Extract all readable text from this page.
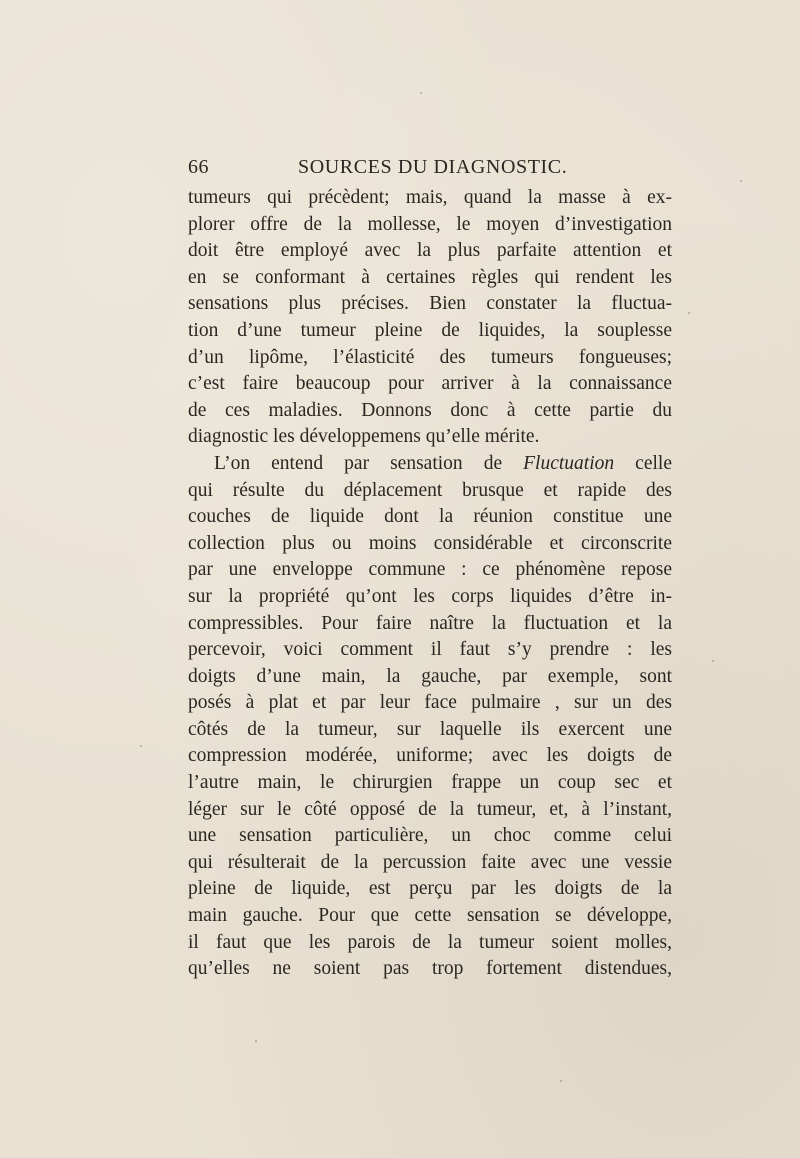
66	SOURCES DU DIAGNOSTIC.
tumeurs qui précèdent; mais, quand la masse à ex-
plorer offre de la mollesse, le moyen d’investigation
doit être employé avec la plus parfaite attention et
en se conformant à certaines règles qui rendent les
sensations plus précises. Bien constater la fluctua-
tion d’une tumeur pleine de liquides, la souplesse
d’un lipôme, l’élasticité des tumeurs fongueuses;
c’est faire beaucoup pour arriver à la connaissance
de ces maladies. Donnons donc à cette partie du
diagnostic les développemens qu’elle mérite.
L’on entend par sensation de Fluctuation celle
qui résulte du déplacement brusque et rapide des
couches de liquide dont la réunion constitue une
collection plus ou moins considérable et circonscrite
par une enveloppe commune : ce phénomène repose
sur la propriété qu’ont les corps liquides d’être in-
compressibles. Pour faire naître la fluctuation et la
percevoir, voici comment il faut s’y prendre : les
doigts d’une main, la gauche, par exemple, sont
posés à plat et par leur face pulmaire , sur un des
côtés de la tumeur, sur laquelle ils exercent une
compression modérée, uniforme; avec les doigts de
l’autre main, le chirurgien frappe un coup sec et
léger sur le côté opposé de la tumeur, et, à l’instant,
une sensation particulière, un choc comme celui
qui résulterait de la percussion faite avec une vessie
pleine de liquide, est perçu par les doigts de la
main gauche. Pour que cette sensation se développe,
il faut que les parois de la tumeur soient molles,
qu’elles ne soient pas trop fortement distendues,
